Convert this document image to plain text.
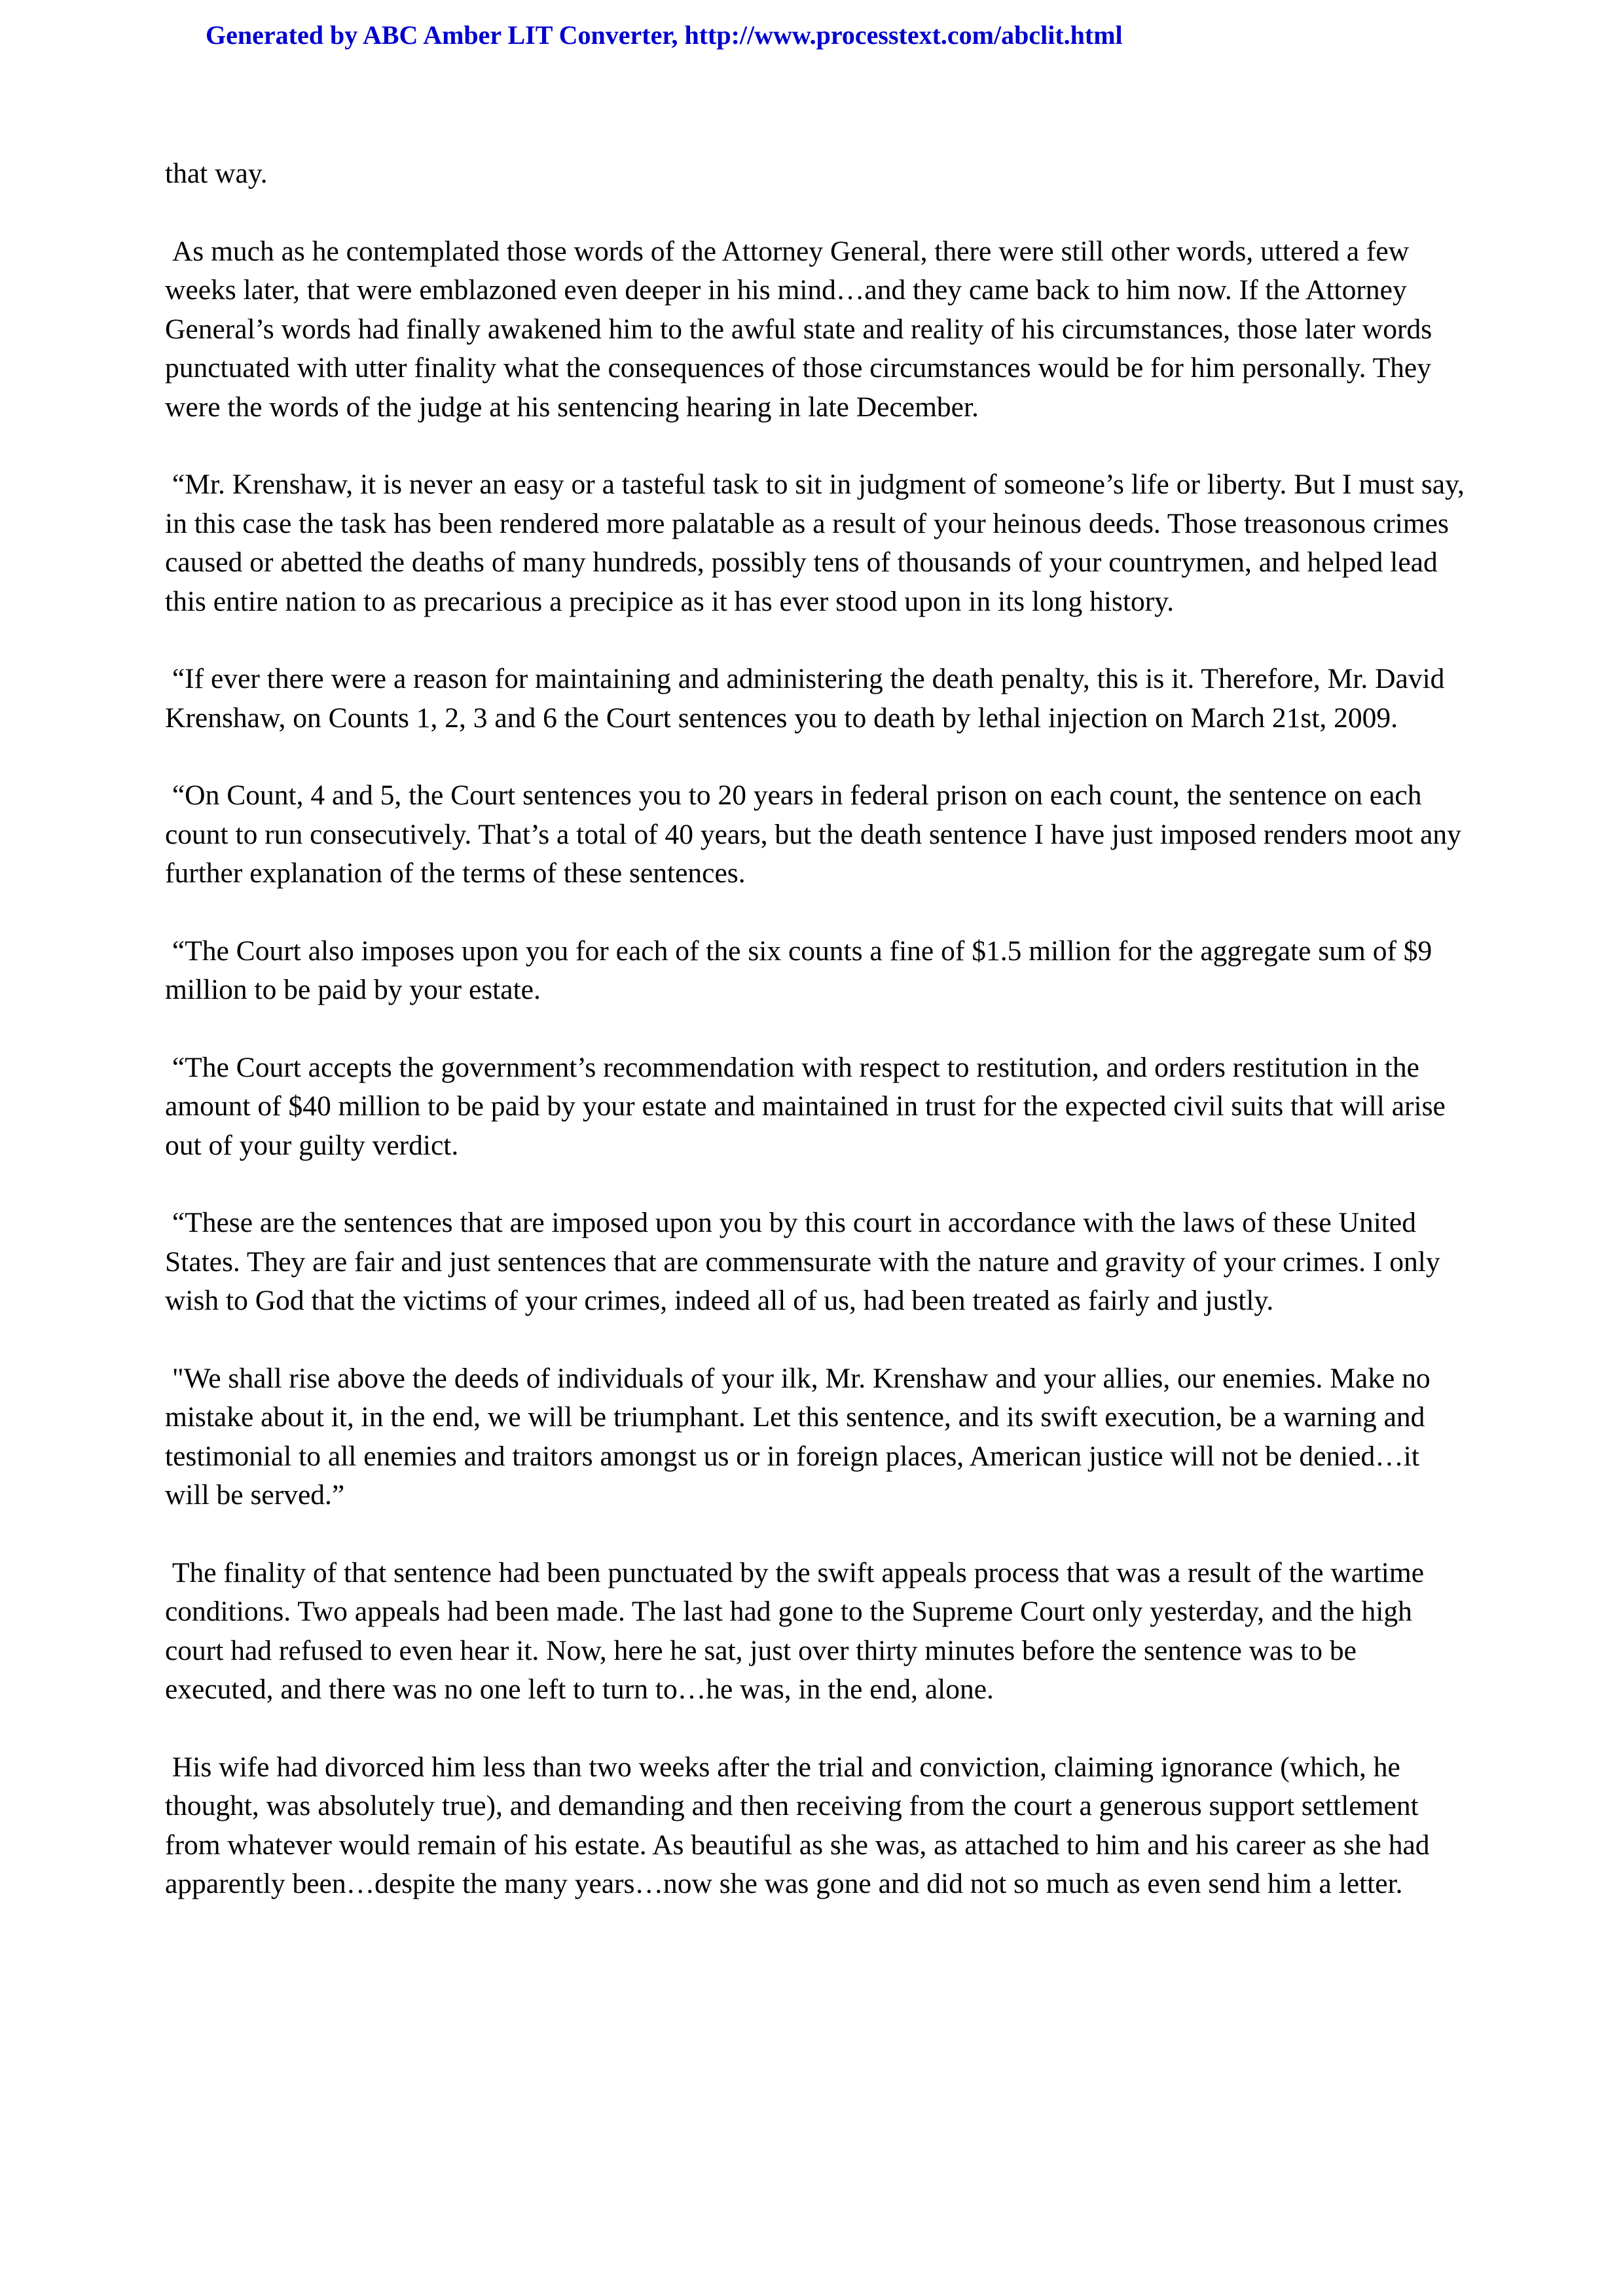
Generated by ABC Amber LIT Converter, http://www.processtext.com/abclit.html

that way.

As much as he contemplated those words of the Attorney General, there were still other words, uttered a few weeks later, that were emblazoned even deeper in his mind…and they came back to him now. If the Attorney General’s words had finally awakened him to the awful state and reality of his circumstances, those later words punctuated with utter finality what the consequences of those circumstances would be for him personally. They were the words of the judge at his sentencing hearing in late December.

“Mr. Krenshaw, it is never an easy or a tasteful task to sit in judgment of someone’s life or liberty. But I must say, in this case the task has been rendered more palatable as a result of your heinous deeds. Those treasonous crimes caused or abetted the deaths of many hundreds, possibly tens of thousands of your countrymen, and helped lead this entire nation to as precarious a precipice as it has ever stood upon in its long history.

“If ever there were a reason for maintaining and administering the death penalty, this is it. Therefore, Mr. David Krenshaw, on Counts 1, 2, 3 and 6 the Court sentences you to death by lethal injection on March 21st, 2009.

“On Count, 4 and 5, the Court sentences you to 20 years in federal prison on each count, the sentence on each count to run consecutively. That’s a total of 40 years, but the death sentence I have just imposed renders moot any further explanation of the terms of these sentences.

“The Court also imposes upon you for each of the six counts a fine of $1.5 million for the aggregate sum of $9 million to be paid by your estate.

“The Court accepts the government’s recommendation with respect to restitution, and orders restitution in the amount of $40 million to be paid by your estate and maintained in trust for the expected civil suits that will arise out of your guilty verdict.

“These are the sentences that are imposed upon you by this court in accordance with the laws of these United States. They are fair and just sentences that are commensurate with the nature and gravity of your crimes. I only wish to God that the victims of your crimes, indeed all of us, had been treated as fairly and justly.

"We shall rise above the deeds of individuals of your ilk, Mr. Krenshaw and your allies, our enemies. Make no mistake about it, in the end, we will be triumphant. Let this sentence, and its swift execution, be a warning and testimonial to all enemies and traitors amongst us or in foreign places, American justice will not be denied…it will be served.”

The finality of that sentence had been punctuated by the swift appeals process that was a result of the wartime conditions. Two appeals had been made. The last had gone to the Supreme Court only yesterday, and the high court had refused to even hear it. Now, here he sat, just over thirty minutes before the sentence was to be executed, and there was no one left to turn to…he was, in the end, alone.

His wife had divorced him less than two weeks after the trial and conviction, claiming ignorance (which, he thought, was absolutely true), and demanding and then receiving from the court a generous support settlement from whatever would remain of his estate. As beautiful as she was, as attached to him and his career as she had apparently been…despite the many years…now she was gone and did not so much as even send him a letter.
